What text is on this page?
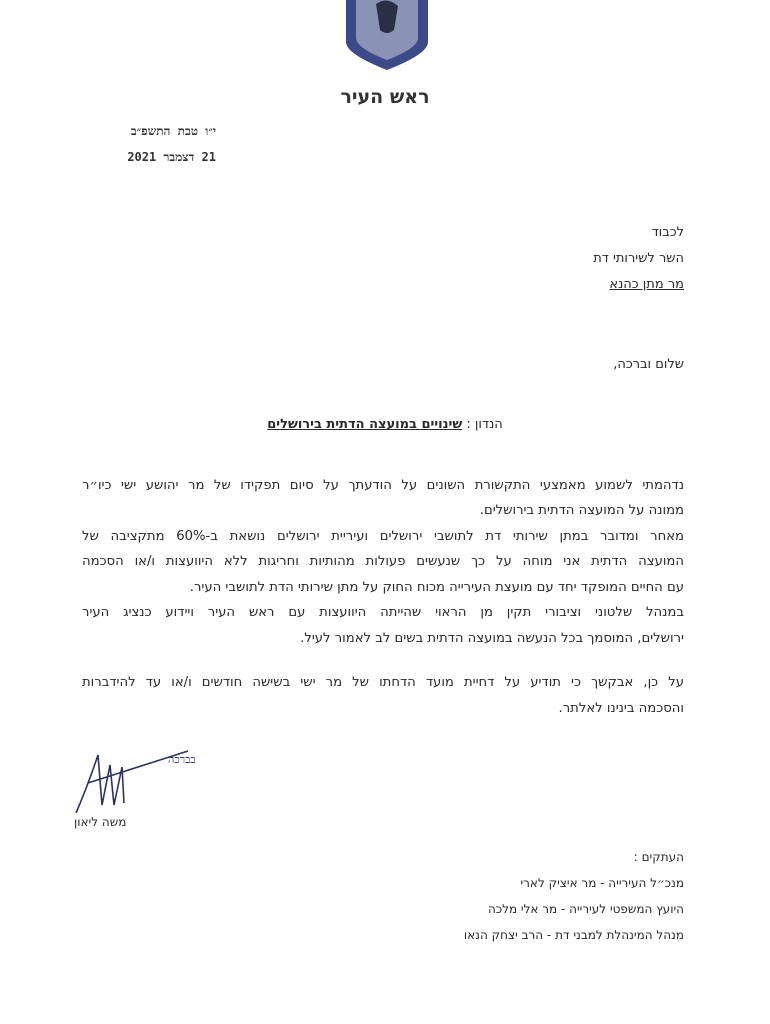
ראש העיר
י״ו טבת התשפ״ב
21 דצמבר 2021
לכבוד
השר לשירותי דת
מר מתן כהנא
שלום וברכה,
הנדון : שינויים במועצה הדתית בירושלים
נדהמתי לשמוע מאמצעי התקשורת השונים על הודעתך על סיום תפקידו של מר יהושע ישי כיו״ר
ממונה על המועצה הדתית בירושלים.
מאחר ומדובר במתן שירותי דת לתושבי ירושלים ועיריית ירושלים נושאת ב-60% מתקציבה של
המועצה הדתית אני מוחה על כך שנעשים פעולות מהותיות וחריגות ללא היוועצות ו/או הסכמה
עם החיים המופקד יחד עם מועצת העירייה מכוח החוק על מתן שירותי הדת לתושבי העיר.
במנהל שלטוני וציבורי תקין מן הראוי שהייתה היוועצות עם ראש העיר ויידוע כנציג העיר
ירושלים, המוסמך בכל הנעשה במועצה הדתית בשים לב לאמור לעיל.
על כן, אבקשך כי תודיע על דחיית מועד הדחתו של מר ישי בשישה חודשים ו/או עד להידברות
והסכמה בינינו לאלתר.
בברכה
משה ליאון
העתקים :
מנכ״ל העירייה - מר איציק לארי
היועץ המשפטי לעירייה - מר אלי מלכה
מנהל המינהלת למבני דת - הרב יצחק הנאו
